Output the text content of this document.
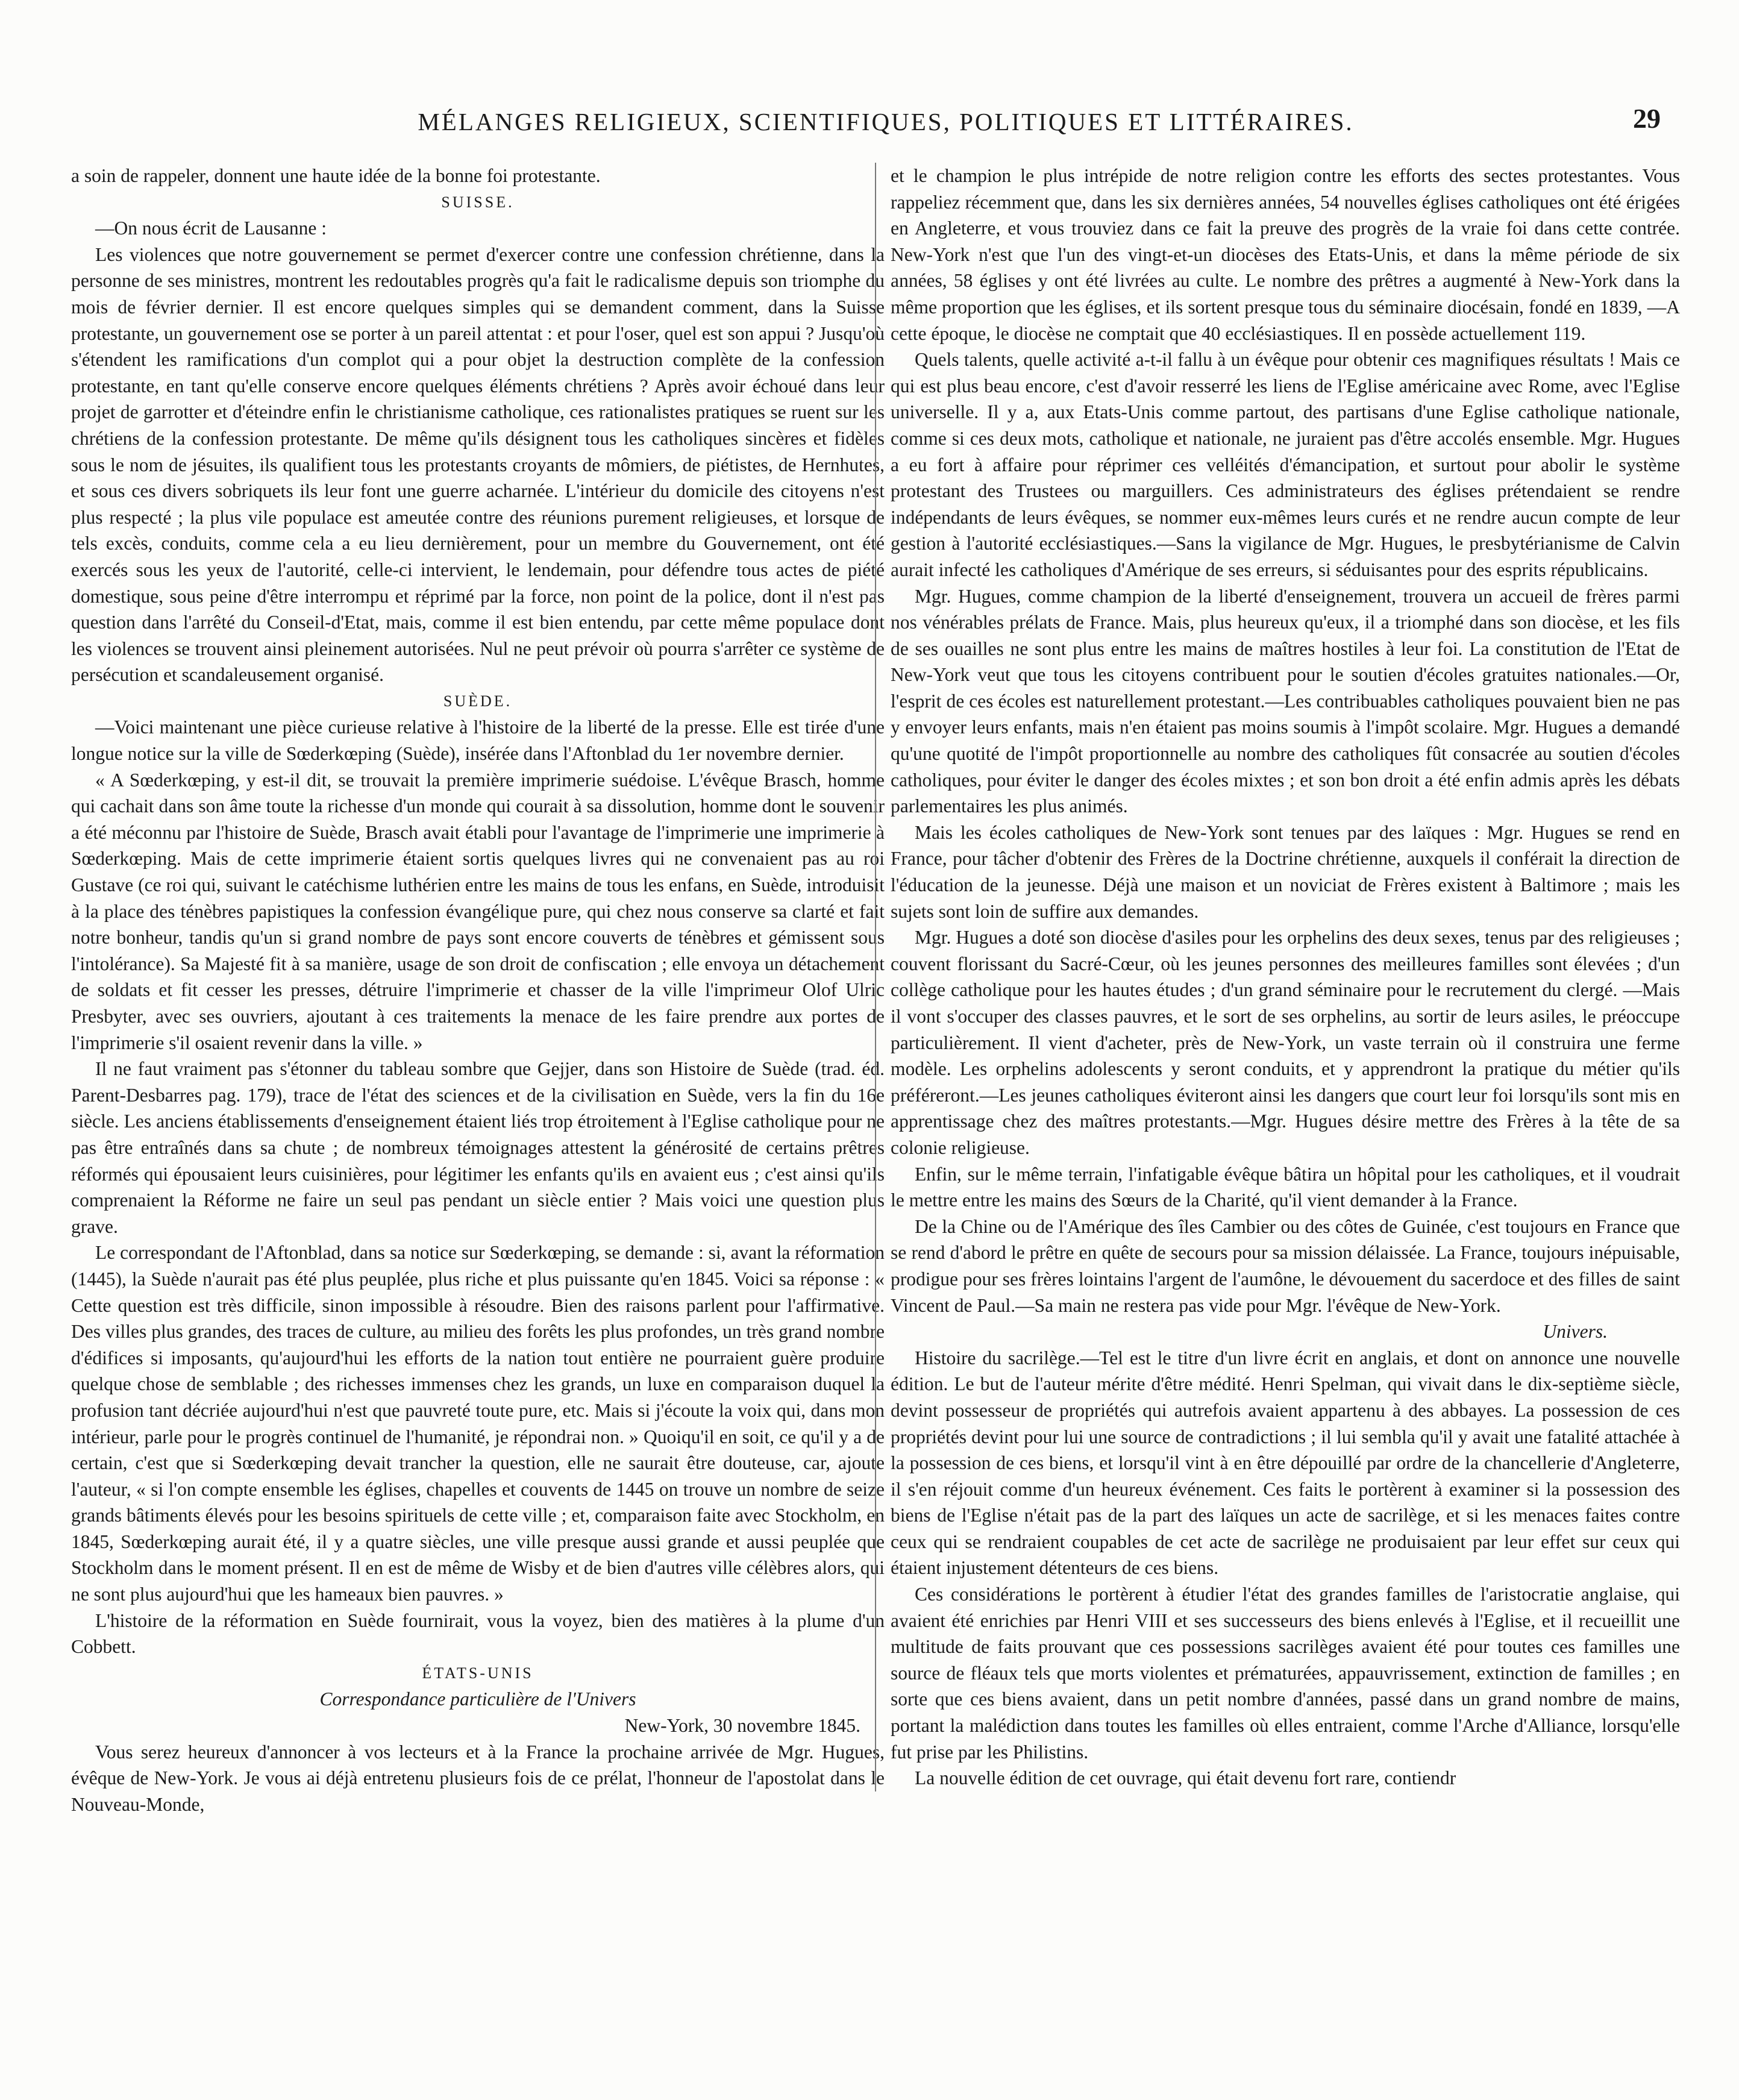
MÉLANGES RELIGIEUX, SCIENTIFIQUES, POLITIQUES ET LITTÉRAIRES.	29

a soin de rappeler, donnent une haute idée de la bonne foi protestante.

SUISSE.

—On nous écrit de Lausanne :

Les violences que notre gouvernement se permet d'exercer contre une confession chrétienne, dans la personne de ses ministres, montrent les redoutables progrès qu'a fait le radicalisme depuis son triomphe du mois de février dernier. Il est encore quelques simples qui se demandent comment, dans la Suisse protestante, un gouvernement ose se porter à un pareil attentat : et pour l'oser, quel est son appui ? Jusqu'où s'étendent les ramifications d'un complot qui a pour objet la destruction complète de la confession protestante, en tant qu'elle conserve encore quelques éléments chrétiens ? Après avoir échoué dans leur projet de garrotter et d'éteindre enfin le christianisme catholique, ces rationalistes pratiques se ruent sur les chrétiens de la confession protestante. De même qu'ils désignent tous les catholiques sincères et fidèles sous le nom de jésuites, ils qualifient tous les protestants croyants de mômiers, de piétistes, de Hernhutes, et sous ces divers sobriquets ils leur font une guerre acharnée. L'intérieur du domicile des citoyens n'est plus respecté ; la plus vile populace est ameutée contre des réunions purement religieuses, et lorsque de tels excès, conduits, comme cela a eu lieu dernièrement, pour un membre du Gouvernement, ont été exercés sous les yeux de l'autorité, celle-ci intervient, le lendemain, pour défendre tous actes de piété domestique, sous peine d'être interrompu et réprimé par la force, non point de la police, dont il n'est pas question dans l'arrêté du Conseil-d'Etat, mais, comme il est bien entendu, par cette même populace dont les violences se trouvent ainsi pleinement autorisées. Nul ne peut prévoir où pourra s'arrêter ce système de persécution et scandaleusement organisé.

SUÈDE.

—Voici maintenant une pièce curieuse relative à l'histoire de la liberté de la presse. Elle est tirée d'une longue notice sur la ville de Sœderkœping (Suède), insérée dans l'Aftonblad du 1er novembre dernier.

« A Sœderkœping, y est-il dit, se trouvait la première imprimerie suédoise. L'évêque Brasch, homme qui cachait dans son âme toute la richesse d'un monde qui courait à sa dissolution, homme dont le souvenir a été méconnu par l'histoire de Suède, Brasch avait établi pour l'avantage de l'imprimerie une imprimerie à Sœderkœping. Mais de cette imprimerie étaient sortis quelques livres qui ne convenaient pas au roi Gustave (ce roi qui, suivant le catéchisme luthérien entre les mains de tous les enfans, en Suède, introduisit à la place des ténèbres papistiques la confession évangélique pure, qui chez nous conserve sa clarté et fait notre bonheur, tandis qu'un si grand nombre de pays sont encore couverts de ténèbres et gémissent sous l'intolérance). Sa Majesté fit à sa manière, usage de son droit de confiscation ; elle envoya un détachement de soldats et fit cesser les presses, détruire l'imprimerie et chasser de la ville l'imprimeur Olof Ulric Presbyter, avec ses ouvriers, ajoutant à ces traitements la menace de les faire prendre aux portes de l'imprimerie s'il osaient revenir dans la ville. »

Il ne faut vraiment pas s'étonner du tableau sombre que Gejjer, dans son Histoire de Suède (trad. éd. Parent-Desbarres pag. 179), trace de l'état des sciences et de la civilisation en Suède, vers la fin du 16e siècle. Les anciens établissements d'enseignement étaient liés trop étroitement à l'Eglise catholique pour ne pas être entraînés dans sa chute ; de nombreux témoignages attestent la générosité de certains prêtres réformés qui épousaient leurs cuisinières, pour légitimer les enfants qu'ils en avaient eus ; c'est ainsi qu'ils comprenaient la Réforme ne faire un seul pas pendant un siècle entier ? Mais voici une question plus grave.

Le correspondant de l'Aftonblad, dans sa notice sur Sœderkœping, se demande : si, avant la réformation (1445), la Suède n'aurait pas été plus peuplée, plus riche et plus puissante qu'en 1845. Voici sa réponse : « Cette question est très difficile, sinon impossible à résoudre. Bien des raisons parlent pour l'affirmative. Des villes plus grandes, des traces de culture, au milieu des forêts les plus profondes, un très grand nombre d'édifices si imposants, qu'aujourd'hui les efforts de la nation tout entière ne pourraient guère produire quelque chose de semblable ; des richesses immenses chez les grands, un luxe en comparaison duquel la profusion tant décriée aujourd'hui n'est que pauvreté toute pure, etc. Mais si j'écoute la voix qui, dans mon intérieur, parle pour le progrès continuel de l'humanité, je répondrai non. » Quoiqu'il en soit, ce qu'il y a de certain, c'est que si Sœderkœping devait trancher la question, elle ne saurait être douteuse, car, ajoute l'auteur, « si l'on compte ensemble les églises, chapelles et couvents de 1445 on trouve un nombre de seize grands bâtiments élevés pour les besoins spirituels de cette ville ; et, comparaison faite avec Stockholm, en 1845, Sœderkœping aurait été, il y a quatre siècles, une ville presque aussi grande et aussi peuplée que Stockholm dans le moment présent. Il en est de même de Wisby et de bien d'autres ville célèbres alors, qui ne sont plus aujourd'hui que les hameaux bien pauvres. »

L'histoire de la réformation en Suède fournirait, vous la voyez, bien des matières à la plume d'un Cobbett.

ÉTATS-UNIS

Correspondance particulière de l'Univers

New-York, 30 novembre 1845.

Vous serez heureux d'annoncer à vos lecteurs et à la France la prochaine arrivée de Mgr. Hugues, évêque de New-York. Je vous ai déjà entretenu plusieurs fois de ce prélat, l'honneur de l'apostolat dans le Nouveau-Monde,

et le champion le plus intrépide de notre religion contre les efforts des sectes protestantes. Vous rappeliez récemment que, dans les six dernières années, 54 nouvelles églises catholiques ont été érigées en Angleterre, et vous trouviez dans ce fait la preuve des progrès de la vraie foi dans cette contrée. New-York n'est que l'un des vingt-et-un diocèses des Etats-Unis, et dans la même période de six années, 58 églises y ont été livrées au culte. Le nombre des prêtres a augmenté à New-York dans la même proportion que les églises, et ils sortent presque tous du séminaire diocésain, fondé en 1839, —A cette époque, le diocèse ne comptait que 40 ecclésiastiques. Il en possède actuellement 119.

Quels talents, quelle activité a-t-il fallu à un évêque pour obtenir ces magnifiques résultats ! Mais ce qui est plus beau encore, c'est d'avoir resserré les liens de l'Eglise américaine avec Rome, avec l'Eglise universelle. Il y a, aux Etats-Unis comme partout, des partisans d'une Eglise catholique nationale, comme si ces deux mots, catholique et nationale, ne juraient pas d'être accolés ensemble. Mgr. Hugues a eu fort à affaire pour réprimer ces velléités d'émancipation, et surtout pour abolir le système protestant des Trustees ou marguillers. Ces administrateurs des églises prétendaient se rendre indépendants de leurs évêques, se nommer eux-mêmes leurs curés et ne rendre aucun compte de leur gestion à l'autorité ecclésiastiques.—Sans la vigilance de Mgr. Hugues, le presbytérianisme de Calvin aurait infecté les catholiques d'Amérique de ses erreurs, si séduisantes pour des esprits républicains.

Mgr. Hugues, comme champion de la liberté d'enseignement, trouvera un accueil de frères parmi nos vénérables prélats de France. Mais, plus heureux qu'eux, il a triomphé dans son diocèse, et les fils de ses ouailles ne sont plus entre les mains de maîtres hostiles à leur foi. La constitution de l'Etat de New-York veut que tous les citoyens contribuent pour le soutien d'écoles gratuites nationales.—Or, l'esprit de ces écoles est naturellement protestant.—Les contribuables catholiques pouvaient bien ne pas y envoyer leurs enfants, mais n'en étaient pas moins soumis à l'impôt scolaire. Mgr. Hugues a demandé qu'une quotité de l'impôt proportionnelle au nombre des catholiques fût consacrée au soutien d'écoles catholiques, pour éviter le danger des écoles mixtes ; et son bon droit a été enfin admis après les débats parlementaires les plus animés.

Mais les écoles catholiques de New-York sont tenues par des laïques : Mgr. Hugues se rend en France, pour tâcher d'obtenir des Frères de la Doctrine chrétienne, auxquels il conférait la direction de l'éducation de la jeunesse. Déjà une maison et un noviciat de Frères existent à Baltimore ; mais les sujets sont loin de suffire aux demandes.

Mgr. Hugues a doté son diocèse d'asiles pour les orphelins des deux sexes, tenus par des religieuses ; couvent florissant du Sacré-Cœur, où les jeunes personnes des meilleures familles sont élevées ; d'un collège catholique pour les hautes études ; d'un grand séminaire pour le recrutement du clergé. —Mais il vont s'occuper des classes pauvres, et le sort de ses orphelins, au sortir de leurs asiles, le préoccupe particulièrement. Il vient d'acheter, près de New-York, un vaste terrain où il construira une ferme modèle. Les orphelins adolescents y seront conduits, et y apprendront la pratique du métier qu'ils préféreront.—Les jeunes catholiques éviteront ainsi les dangers que court leur foi lorsqu'ils sont mis en apprentissage chez des maîtres protestants.—Mgr. Hugues désire mettre des Frères à la tête de sa colonie religieuse.

Enfin, sur le même terrain, l'infatigable évêque bâtira un hôpital pour les catholiques, et il voudrait le mettre entre les mains des Sœurs de la Charité, qu'il vient demander à la France.

De la Chine ou de l'Amérique des îles Cambier ou des côtes de Guinée, c'est toujours en France que se rend d'abord le prêtre en quête de secours pour sa mission délaissée. La France, toujours inépuisable, prodigue pour ses frères lointains l'argent de l'aumône, le dévouement du sacerdoce et des filles de saint Vincent de Paul.—Sa main ne restera pas vide pour Mgr. l'évêque de New-York.

Univers.

Histoire du sacrilège.—Tel est le titre d'un livre écrit en anglais, et dont on annonce une nouvelle édition. Le but de l'auteur mérite d'être médité. Henri Spelman, qui vivait dans le dix-septième siècle, devint possesseur de propriétés qui autrefois avaient appartenu à des abbayes. La possession de ces propriétés devint pour lui une source de contradictions ; il lui sembla qu'il y avait une fatalité attachée à la possession de ces biens, et lorsqu'il vint à en être dépouillé par ordre de la chancellerie d'Angleterre, il s'en réjouit comme d'un heureux événement. Ces faits le portèrent à examiner si la possession des biens de l'Eglise n'était pas de la part des laïques un acte de sacrilège, et si les menaces faites contre ceux qui se rendraient coupables de cet acte de sacrilège ne produisaient par leur effet sur ceux qui étaient injustement détenteurs de ces biens.

Ces considérations le portèrent à étudier l'état des grandes familles de l'aristocratie anglaise, qui avaient été enrichies par Henri VIII et ses successeurs des biens enlevés à l'Eglise, et il recueillit une multitude de faits prouvant que ces possessions sacrilèges avaient été pour toutes ces familles une source de fléaux tels que morts violentes et prématurées, appauvrissement, extinction de familles ; en sorte que ces biens avaient, dans un petit nombre d'années, passé dans un grand nombre de mains, portant la malédiction dans toutes les familles où elles entraient, comme l'Arche d'Alliance, lorsqu'elle fut prise par les Philistins.

La nouvelle édition de cet ouvrage, qui était devenu fort rare, contiendr
